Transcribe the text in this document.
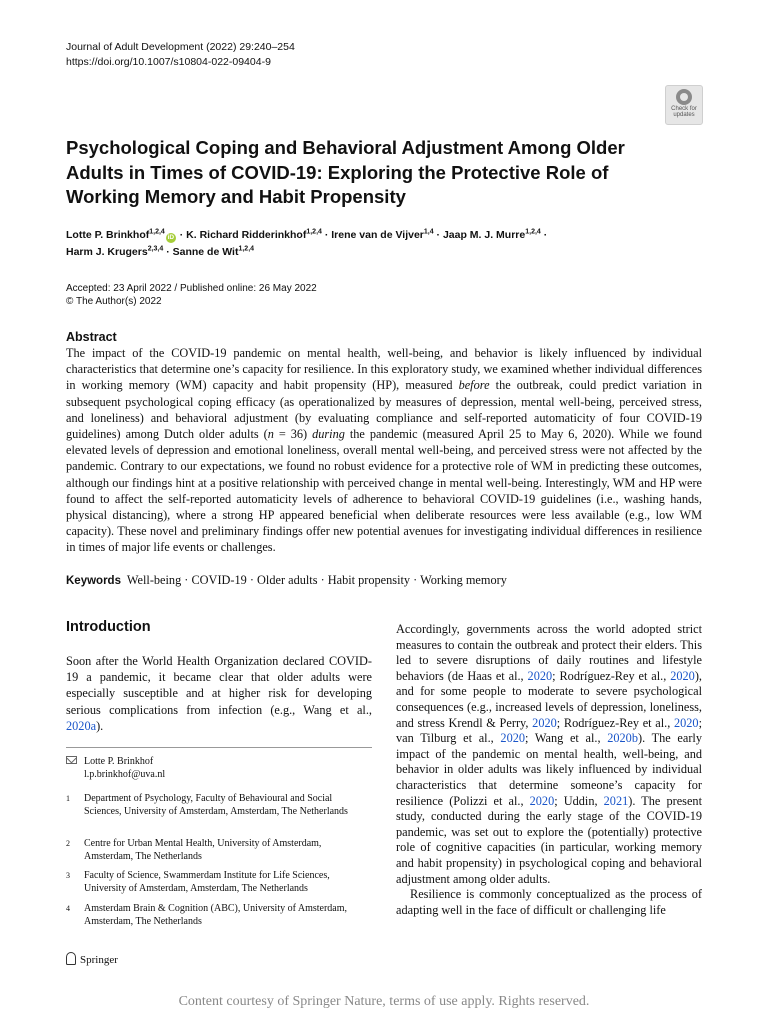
Journal of Adult Development (2022) 29:240–254
https://doi.org/10.1007/s10804-022-09404-9
Check for
updates
Psychological Coping and Behavioral Adjustment Among Older Adults in Times of COVID-19: Exploring the Protective Role of Working Memory and Habit Propensity
Lotte P. Brinkhof$^{1,2,4}$iD · K. Richard Ridderinkhof$^{1,2,4}$ · Irene van de Vijver$^{1,4}$ · Jaap M. J. Murre$^{1,2,4}$ ·
Harm J. Krugers$^{2,3,4}$ · Sanne de Wit$^{1,2,4}$
Accepted: 23 April 2022 / Published online: 26 May 2022
© The Author(s) 2022
Abstract
The impact of the COVID-19 pandemic on mental health, well-being, and behavior is likely influenced by individual characteristics that determine one’s capacity for resilience. In this exploratory study, we examined whether individual differences in working memory (WM) capacity and habit propensity (HP), measured before the outbreak, could predict variation in subsequent psychological coping efficacy (as operationalized by measures of depression, mental well-being, perceived stress, and loneliness) and behavioral adjustment (by evaluating compliance and self-reported automaticity of four COVID-19 guidelines) among Dutch older adults (n = 36) during the pandemic (measured April 25 to May 6, 2020). While we found elevated levels of depression and emotional loneliness, overall mental well-being, and perceived stress were not affected by the pandemic. Contrary to our expectations, we found no robust evidence for a protective role of WM in predicting these outcomes, although our findings hint at a positive relationship with perceived change in mental well-being. Interestingly, WM and HP were found to affect the self-reported automaticity levels of adherence to behavioral COVID-19 guidelines (i.e., washing hands, physical distancing), where a strong HP appeared beneficial when deliberate resources were less available (e.g., low WM capacity). These novel and preliminary findings offer new potential avenues for investigating individual differences in resilience in times of major life events or challenges.
Keywords Well-being · COVID-19 · Older adults · Habit propensity · Working memory
Introduction
Soon after the World Health Organization declared COVID-19 a pandemic, it became clear that older adults were especially susceptible and at higher risk for developing serious complications from infection (e.g., Wang et al., 2020a).
Lotte P. Brinkhof
l.p.brinkhof@uva.nl
1 Department of Psychology, Faculty of Behavioural and Social Sciences, University of Amsterdam, Amsterdam, The Netherlands
2 Centre for Urban Mental Health, University of Amsterdam, Amsterdam, The Netherlands
3 Faculty of Science, Swammerdam Institute for Life Sciences, University of Amsterdam, Amsterdam, The Netherlands
4 Amsterdam Brain & Cognition (ABC), University of Amsterdam, Amsterdam, The Netherlands

Accordingly, governments across the world adopted strict measures to contain the outbreak and protect their elders. This led to severe disruptions of daily routines and lifestyle behaviors (de Haas et al., 2020; Rodríguez-Rey et al., 2020), and for some people to moderate to severe psychological consequences (e.g., increased levels of depression, loneliness, and stress Krendl & Perry, 2020; Rodríguez-Rey et al., 2020; van Tilburg et al., 2020; Wang et al., 2020b). The early impact of the pandemic on mental health, well-being, and behavior in older adults was likely influenced by individual characteristics that determine someone’s capacity for resilience (Polizzi et al., 2020; Uddin, 2021). The present study, conducted during the early stage of the COVID-19 pandemic, was set out to explore the (potentially) protective role of cognitive capacities (in particular, working memory and habit propensity) in psychological coping and behavioral adjustment among older adults.

Resilience is commonly conceptualized as the process of adapting well in the face of difficult or challenging life

Springer
Content courtesy of Springer Nature, terms of use apply. Rights reserved.
